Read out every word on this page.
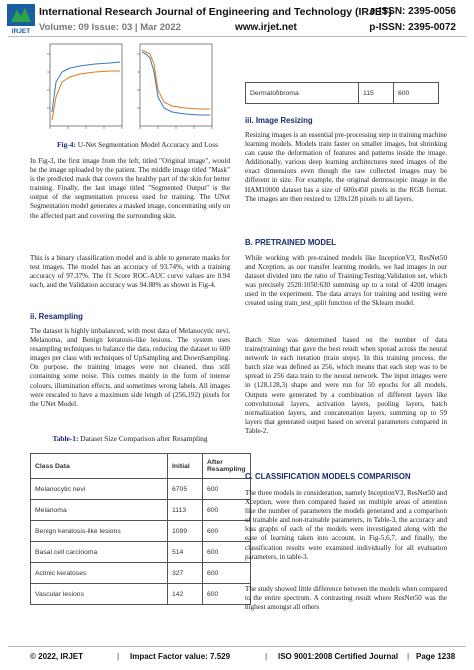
IRJET
International Research Journal of Engineering and Technology (IRJET)
Volume: 09 Issue: 03 | Mar 2022	www.irjet.net
e-ISSN: 2395-0056
p-ISSN: 2395-0072
Fig-4: U-Net Segmentation Model Accuracy and Loss
In Fig-3, the first image from the left, titled "Original image", would be the image uploaded by the patient. The middle image titled "Mask" is the predicted mask that covers the healthy part of the skin for better training. Finally, the last image titled "Segmented Output" is the output of the segmentation process used for training. The UNet Segmentation model generates a masked image, concentrating only on the affected part and covering the surrounding skin.
This is a binary classification model and is able to generate masks for test images. The model has an accuracy of 93.74%, with a training accuracy of 97.37%. The f1 Score ROC-AUC curve values are 0.94 each, and the Validation accuracy was 94.88% as shown in Fig-4.
ii. Resampling
The dataset is highly imbalanced, with most data of Melanocytic nevi, Melanoma, and Benign keratosis-like lesions. The system uses resampling techniques to balance the data, reducing the dataset to 600 images per class with techniques of UpSampling and DownSampling. On purpose, the training images were not cleaned, thus still containing some noise. This comes mainly in the form of intense colours, illumination effects, and sometimes wrong labels. All images were rescaled to have a maximum side length of (256,192) pixels for the UNet Model.
Table-1: Dataset Size Comparison after Resampling
Class Data	Initial	After Resampling
Melanocytic nevi	6705	600
Melanoma	1113	600
Benign keratosis-like lesions	1099	600
Basal cell carcinoma	514	600
Actinic keratoses	327	600
Vascular lesions	142	600
Dermatofibroma	115	600
iii. Image Resizing
Resizing images is an essential pre-processing step in training machine learning models. Models train faster on smaller images, but shrinking can cause the deformation of features and patterns inside the image. Additionally, various deep learning architectures need images of the exact dimensions even though the raw collected images may be different in size. For example, the original dermoscopic image in the HAM10000 dataset has a size of 600x450 pixels in the RGB format. The images are then resized to 128x128 pixels to all layers.
B. PRETRAINED MODEL
While working with pre-trained models like InceptionV3, ResNet50 and Xception, as our transfer learning models, we had images in our dataset divided into the ratio of Training:Testing:Validation set, which was precisely 2520:1050:630 summing up to a total of 4200 images used in the experiment. The data arrays for training and testing were created using train_test_split function of the Sklearn model.
Batch Size was determined based on the number of data trains(training) that gave the best result when spread across the neural network in each iteration (train steps). In this training process, the batch size was defined as 256, which means that each step was to be spread to 256 data train to the neural network. The input images were in (128,128,3) shape and were run for 50 epochs for all models. Outputs were generated by a combination of different layers like convolutional layers, activation layers, pooling layers, batch normalization layers, and concatenation layers, summing up to 59 layers that generated output based on several parameters compared in Table-2.
C. CLASSIFICATION MODELS COMPARISON
The three models in consideration, namely InceptionV3, ResNet50 and Xception, were then compared based on multiple areas of attention like the number of parameters the models generated and a comparison of trainable and non-trainable parameters, in Table-3, the accuracy and loss graphs of each of the models were investigated along with the ease of learning taken into account, in Fig-5,6,7, and finally, the classification results were examined individually for all evaluation parameters, in table-3.
The study showed little difference between the models when compared to the entire spectrum. A contrasting result where ResNet50 was the highest amongst all others
© 2022, IRJET	| Impact Factor value: 7.529	| ISO 9001:2008 Certified Journal | Page 1238
